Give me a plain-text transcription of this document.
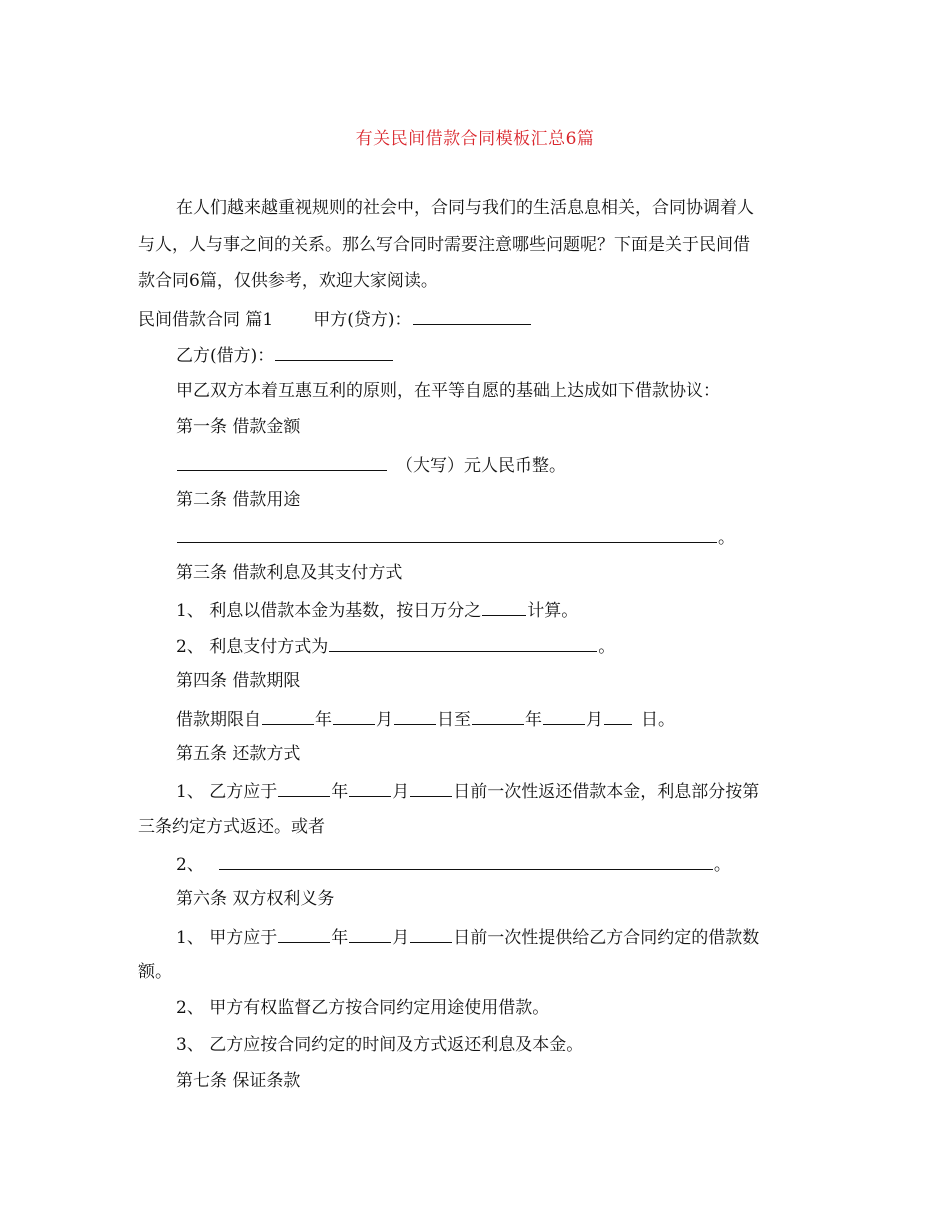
有关民间借款合同模板汇总6篇
在人们越来越重视规则的社会中，合同与我们的生活息息相关，合同协调着人
与人，人与事之间的关系。那么写合同时需要注意哪些问题呢？下面是关于民间借
款合同6篇，仅供参考，欢迎大家阅读。
民间借款合同 篇1 甲方(贷方)：
乙方(借方)：
甲乙双方本着互惠互利的原则，在平等自愿的基础上达成如下借款协议：
第一条 借款金额
（大写）元人民币整。
第二条 借款用途
。
第三条 借款利息及其支付方式
1、 利息以借款本金为基数，按日万分之	计算。
2、 利息支付方式为	。
第四条 借款期限
借款期限自	年	月	日至	年	月 日。
第五条 还款方式
1、 乙方应于	年	月	日前一次性返还借款本金，利息部分按第
三条约定方式返还。或者
2、	。
第六条 双方权利义务
1、 甲方应于	年	月	日前一次性提供给乙方合同约定的借款数
额。
2、 甲方有权监督乙方按合同约定用途使用借款。
3、 乙方应按合同约定的时间及方式返还利息及本金。
第七条 保证条款
